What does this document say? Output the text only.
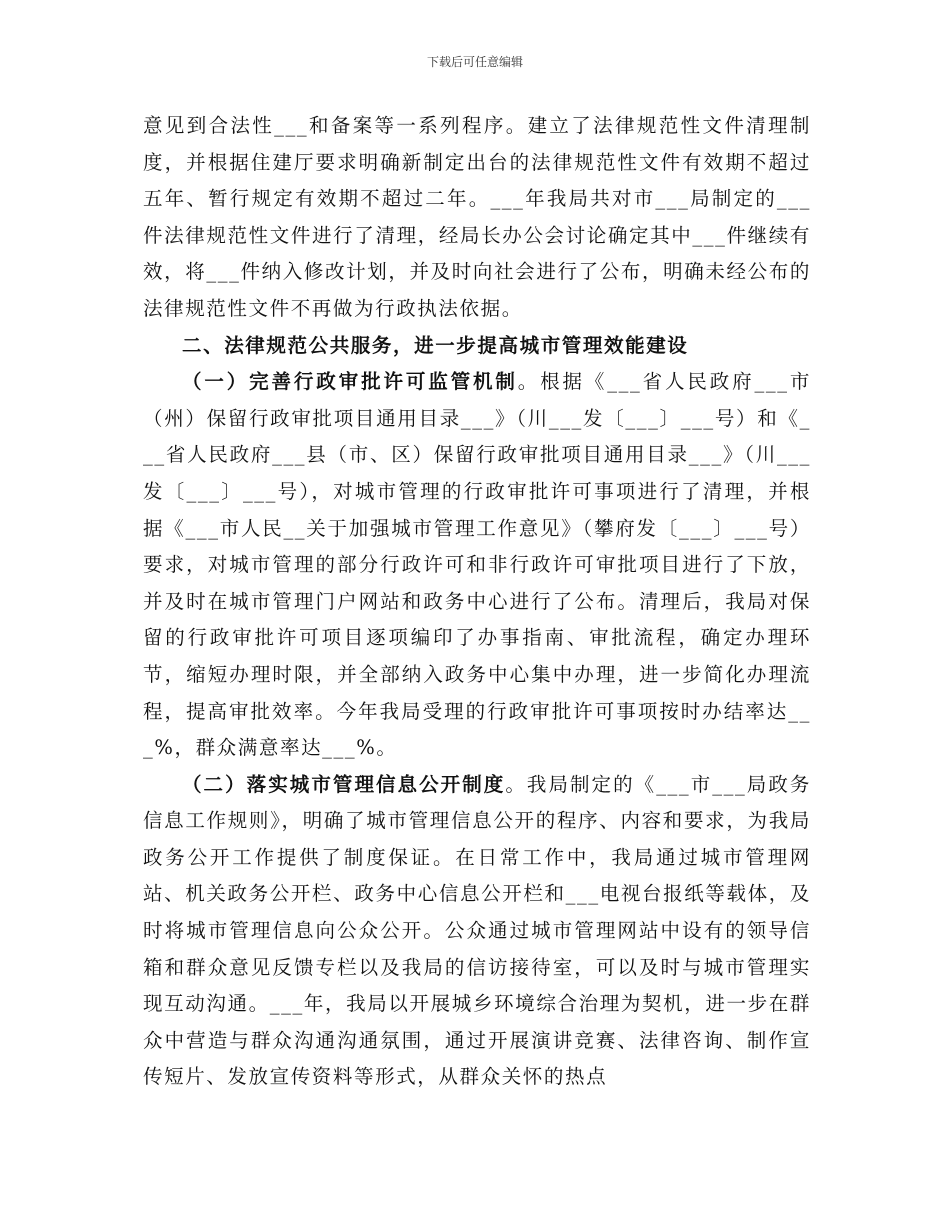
下载后可任意编辑

意见到合法性___和备案等一系列程序。建立了法律规范性文件清理制度，并根据住建厅要求明确新制定出台的法律规范性文件有效期不超过五年、暂行规定有效期不超过二年。___年我局共对市___局制定的___件法律规范性文件进行了清理，经局长办公会讨论确定其中___件继续有效，将___件纳入修改计划，并及时向社会进行了公布，明确未经公布的法律规范性文件不再做为行政执法依据。

二、法律规范公共服务，进一步提高城市管理效能建设

（一）完善行政审批许可监管机制。根据《___省人民政府___市（州）保留行政审批项目通用目录___》（川___发〔___〕___号）和《___省人民政府___县（市、区）保留行政审批项目通用目录___》（川___发〔___〕___号），对城市管理的行政审批许可事项进行了清理，并根据《___市人民__关于加强城市管理工作意见》（攀府发〔___〕___号）要求，对城市管理的部分行政许可和非行政许可审批项目进行了下放，并及时在城市管理门户网站和政务中心进行了公布。清理后，我局对保留的行政审批许可项目逐项编印了办事指南、审批流程，确定办理环节，缩短办理时限，并全部纳入政务中心集中办理，进一步简化办理流程，提高审批效率。今年我局受理的行政审批许可事项按时办结率达___%，群众满意率达___%。

（二）落实城市管理信息公开制度。我局制定的《___市___局政务信息工作规则》，明确了城市管理信息公开的程序、内容和要求，为我局政务公开工作提供了制度保证。在日常工作中，我局通过城市管理网站、机关政务公开栏、政务中心信息公开栏和___电视台报纸等载体，及时将城市管理信息向公众公开。公众通过城市管理网站中设有的领导信箱和群众意见反馈专栏以及我局的信访接待室，可以及时与城市管理实现互动沟通。___年，我局以开展城乡环境综合治理为契机，进一步在群众中营造与群众沟通沟通氛围，通过开展演讲竞赛、法律咨询、制作宣传短片、发放宣传资料等形式，从群众关怀的热点
